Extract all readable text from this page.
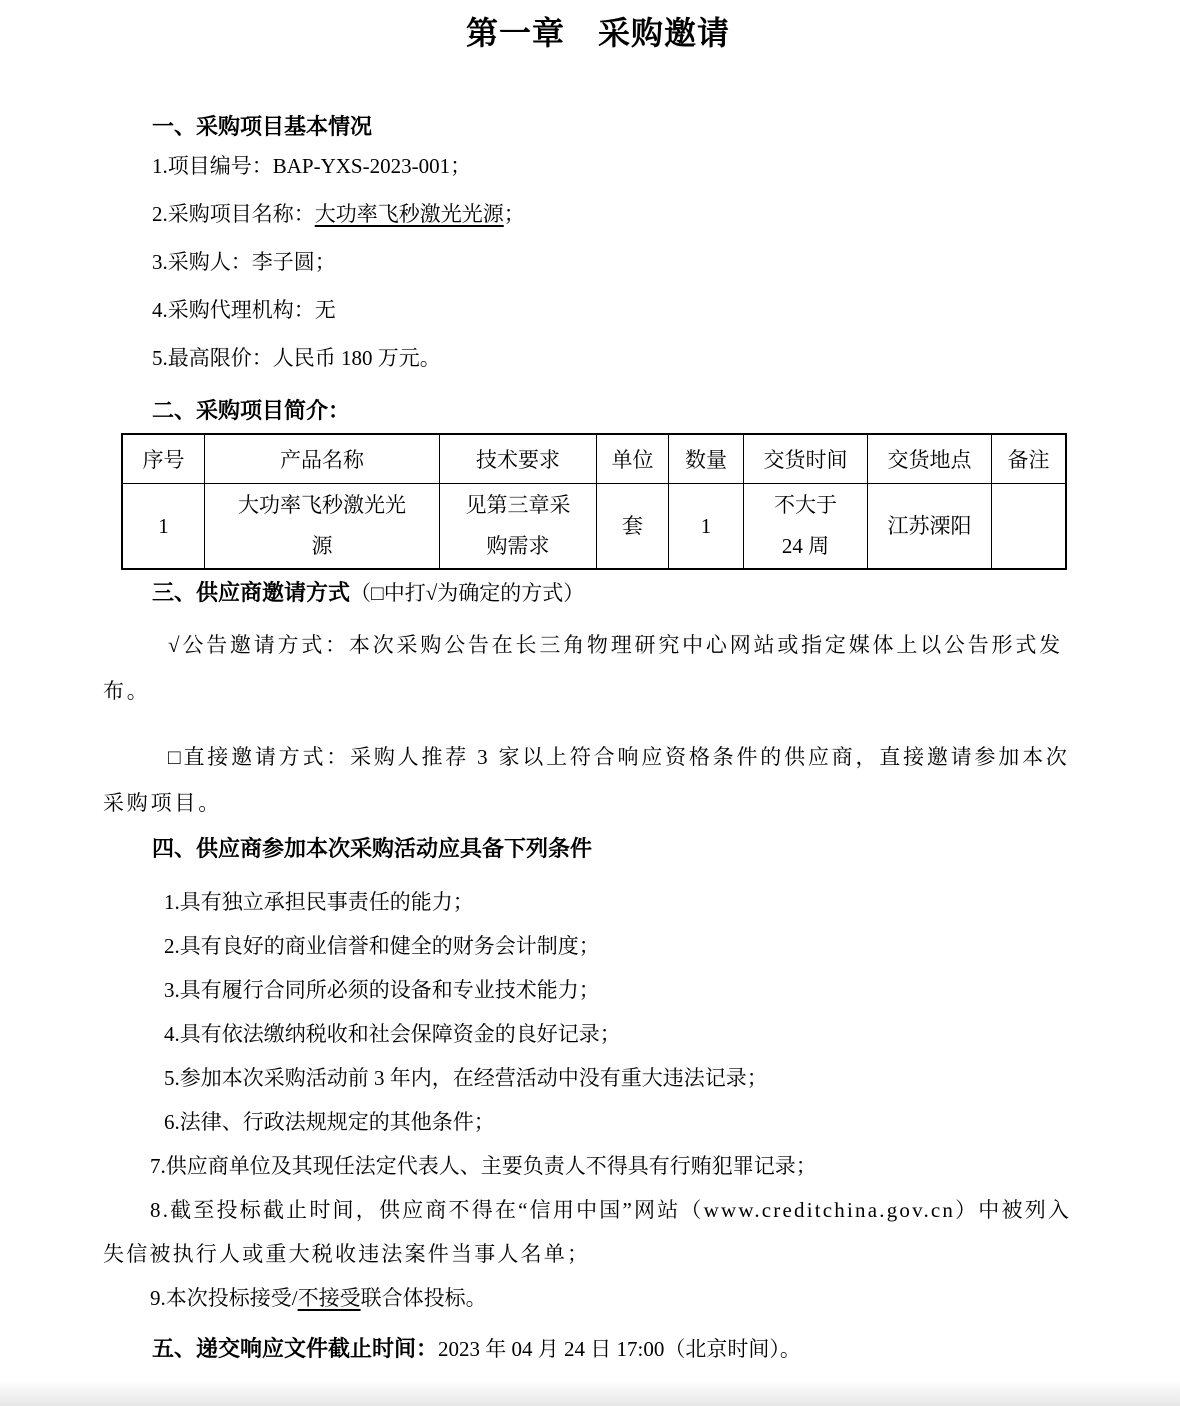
第一章　采购邀请
一、采购项目基本情况

1.项目编号：BAP-YXS-2023-001；

2.采购项目名称：大功率飞秒激光光源；

3.采购人：李子圆；

4.采购代理机构：无

5.最高限价：人民币 180 万元。

二、采购项目简介：
序号	产品名称	技术要求	单位	数量	交货时间	交货地点	备注
1	大功率飞秒激光光源	见第三章采购需求	套	1	不大于 24 周	江苏溧阳	
三、供应商邀请方式（□中打√为确定的方式）

√公告邀请方式：本次采购公告在长三角物理研究中心网站或指定媒体上以公告形式发布。

□直接邀请方式：采购人推荐 3 家以上符合响应资格条件的供应商，直接邀请参加本次采购项目。

四、供应商参加本次采购活动应具备下列条件

1.具有独立承担民事责任的能力；

2.具有良好的商业信誉和健全的财务会计制度；

3.具有履行合同所必须的设备和专业技术能力；

4.具有依法缴纳税收和社会保障资金的良好记录；

5.参加本次采购活动前 3 年内，在经营活动中没有重大违法记录；

6.法律、行政法规规定的其他条件；

7.供应商单位及其现任法定代表人、主要负责人不得具有行贿犯罪记录；

8.截至投标截止时间，供应商不得在“信用中国”网站（www.creditchina.gov.cn）中被列入失信被执行人或重大税收违法案件当事人名单；

9.本次投标接受/不接受联合体投标。

五、递交响应文件截止时间：2023 年 04 月 24 日 17:00（北京时间）。
